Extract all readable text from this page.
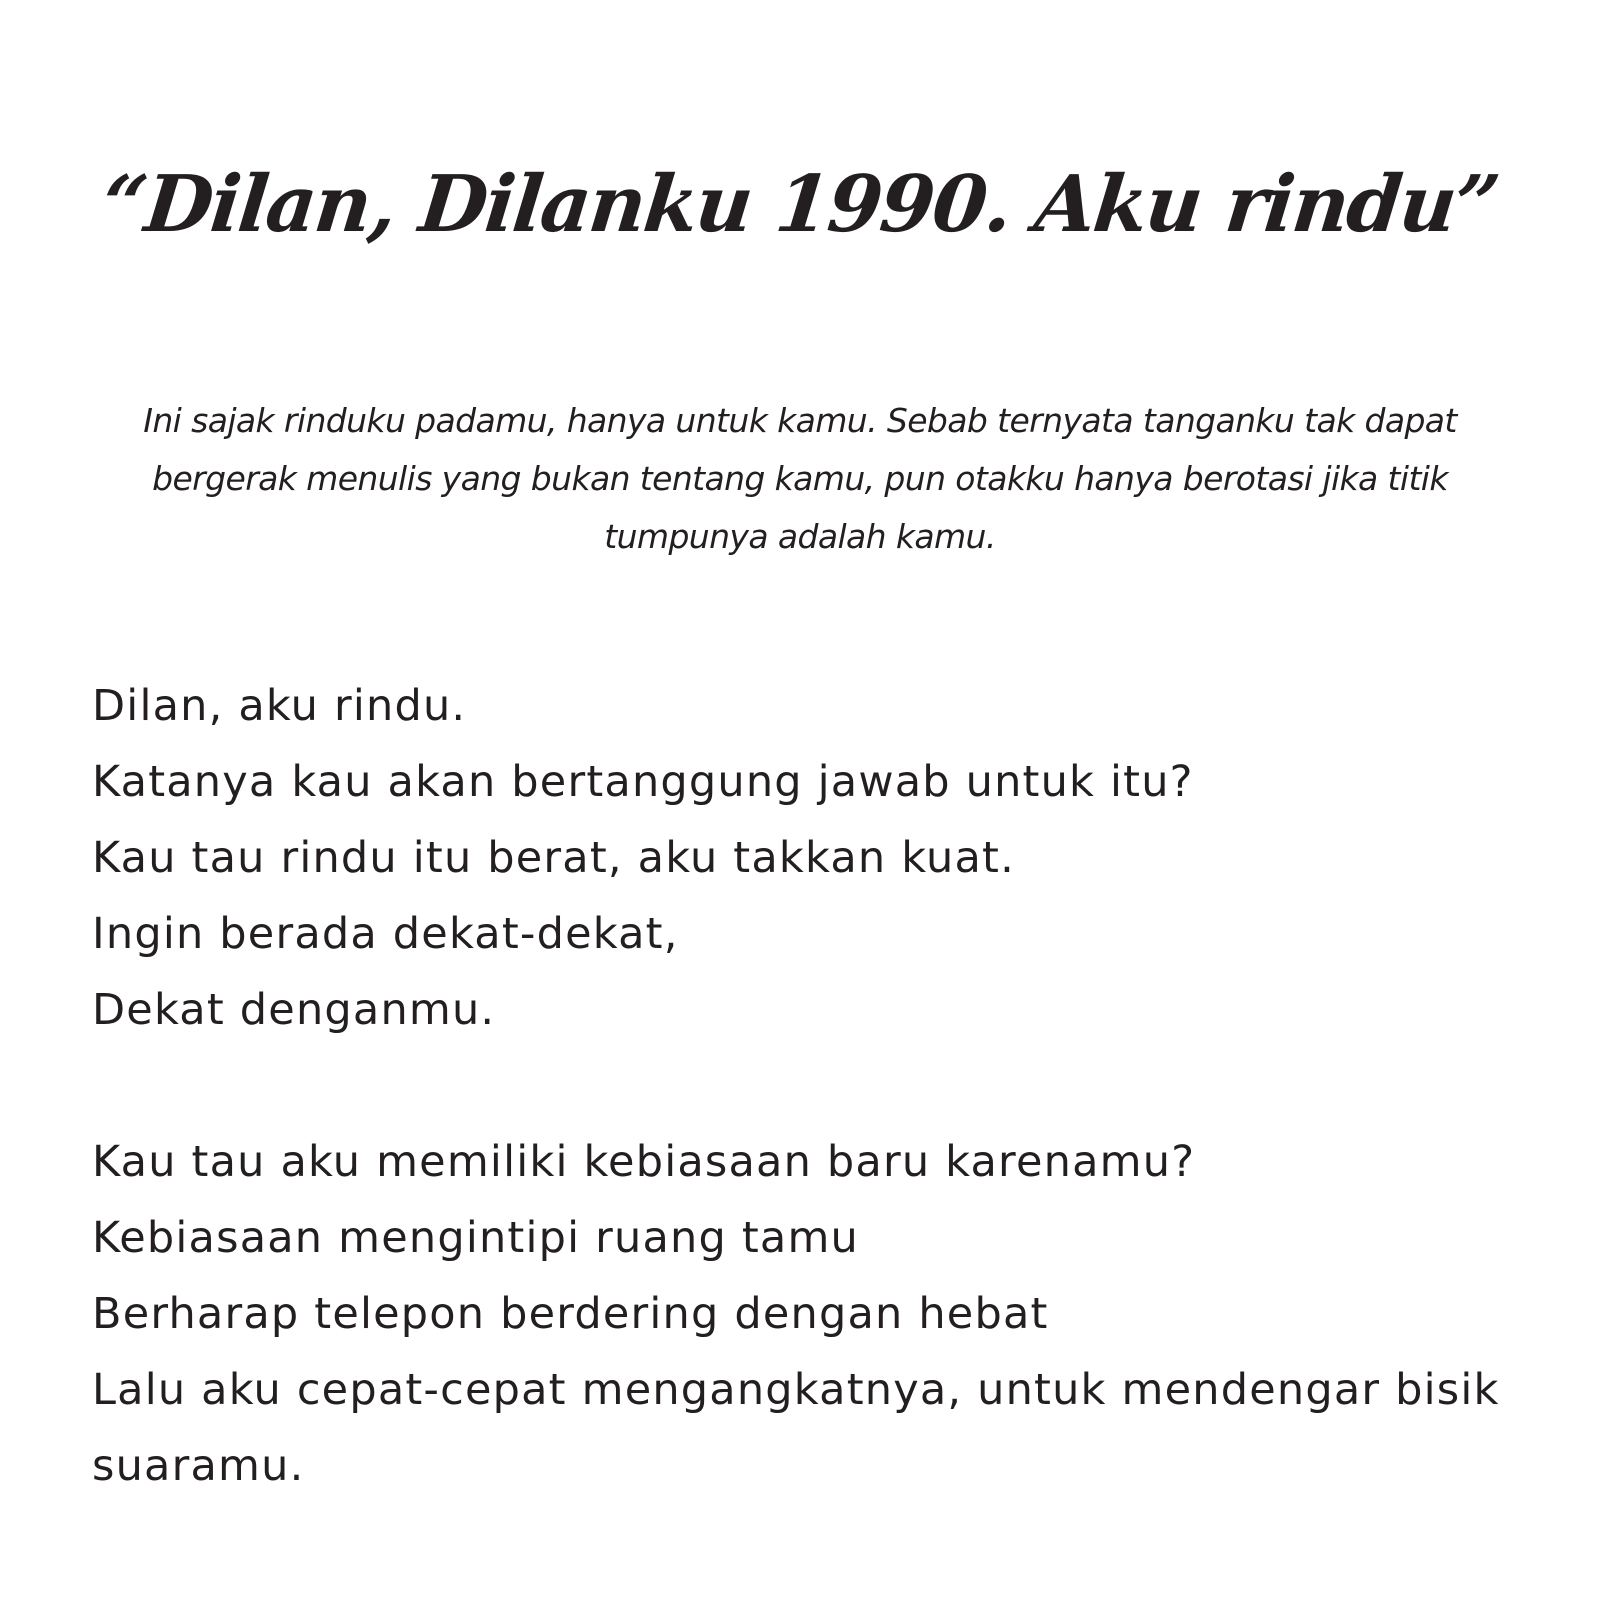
“Dilan, Dilanku 1990. Aku rindu”
Ini sajak rinduku padamu, hanya untuk kamu. Sebab ternyata tanganku tak dapat
bergerak menulis yang bukan tentang kamu, pun otakku hanya berotasi jika titik
tumpunya adalah kamu.
Dilan, aku rindu.
Katanya kau akan bertanggung jawab untuk itu?
Kau tau rindu itu berat, aku takkan kuat.
Ingin berada dekat-dekat,
Dekat denganmu.
Kau tau aku memiliki kebiasaan baru karenamu?
Kebiasaan mengintipi ruang tamu
Berharap telepon berdering dengan hebat
Lalu aku cepat-cepat mengangkatnya, untuk mendengar bisik
suaramu.
